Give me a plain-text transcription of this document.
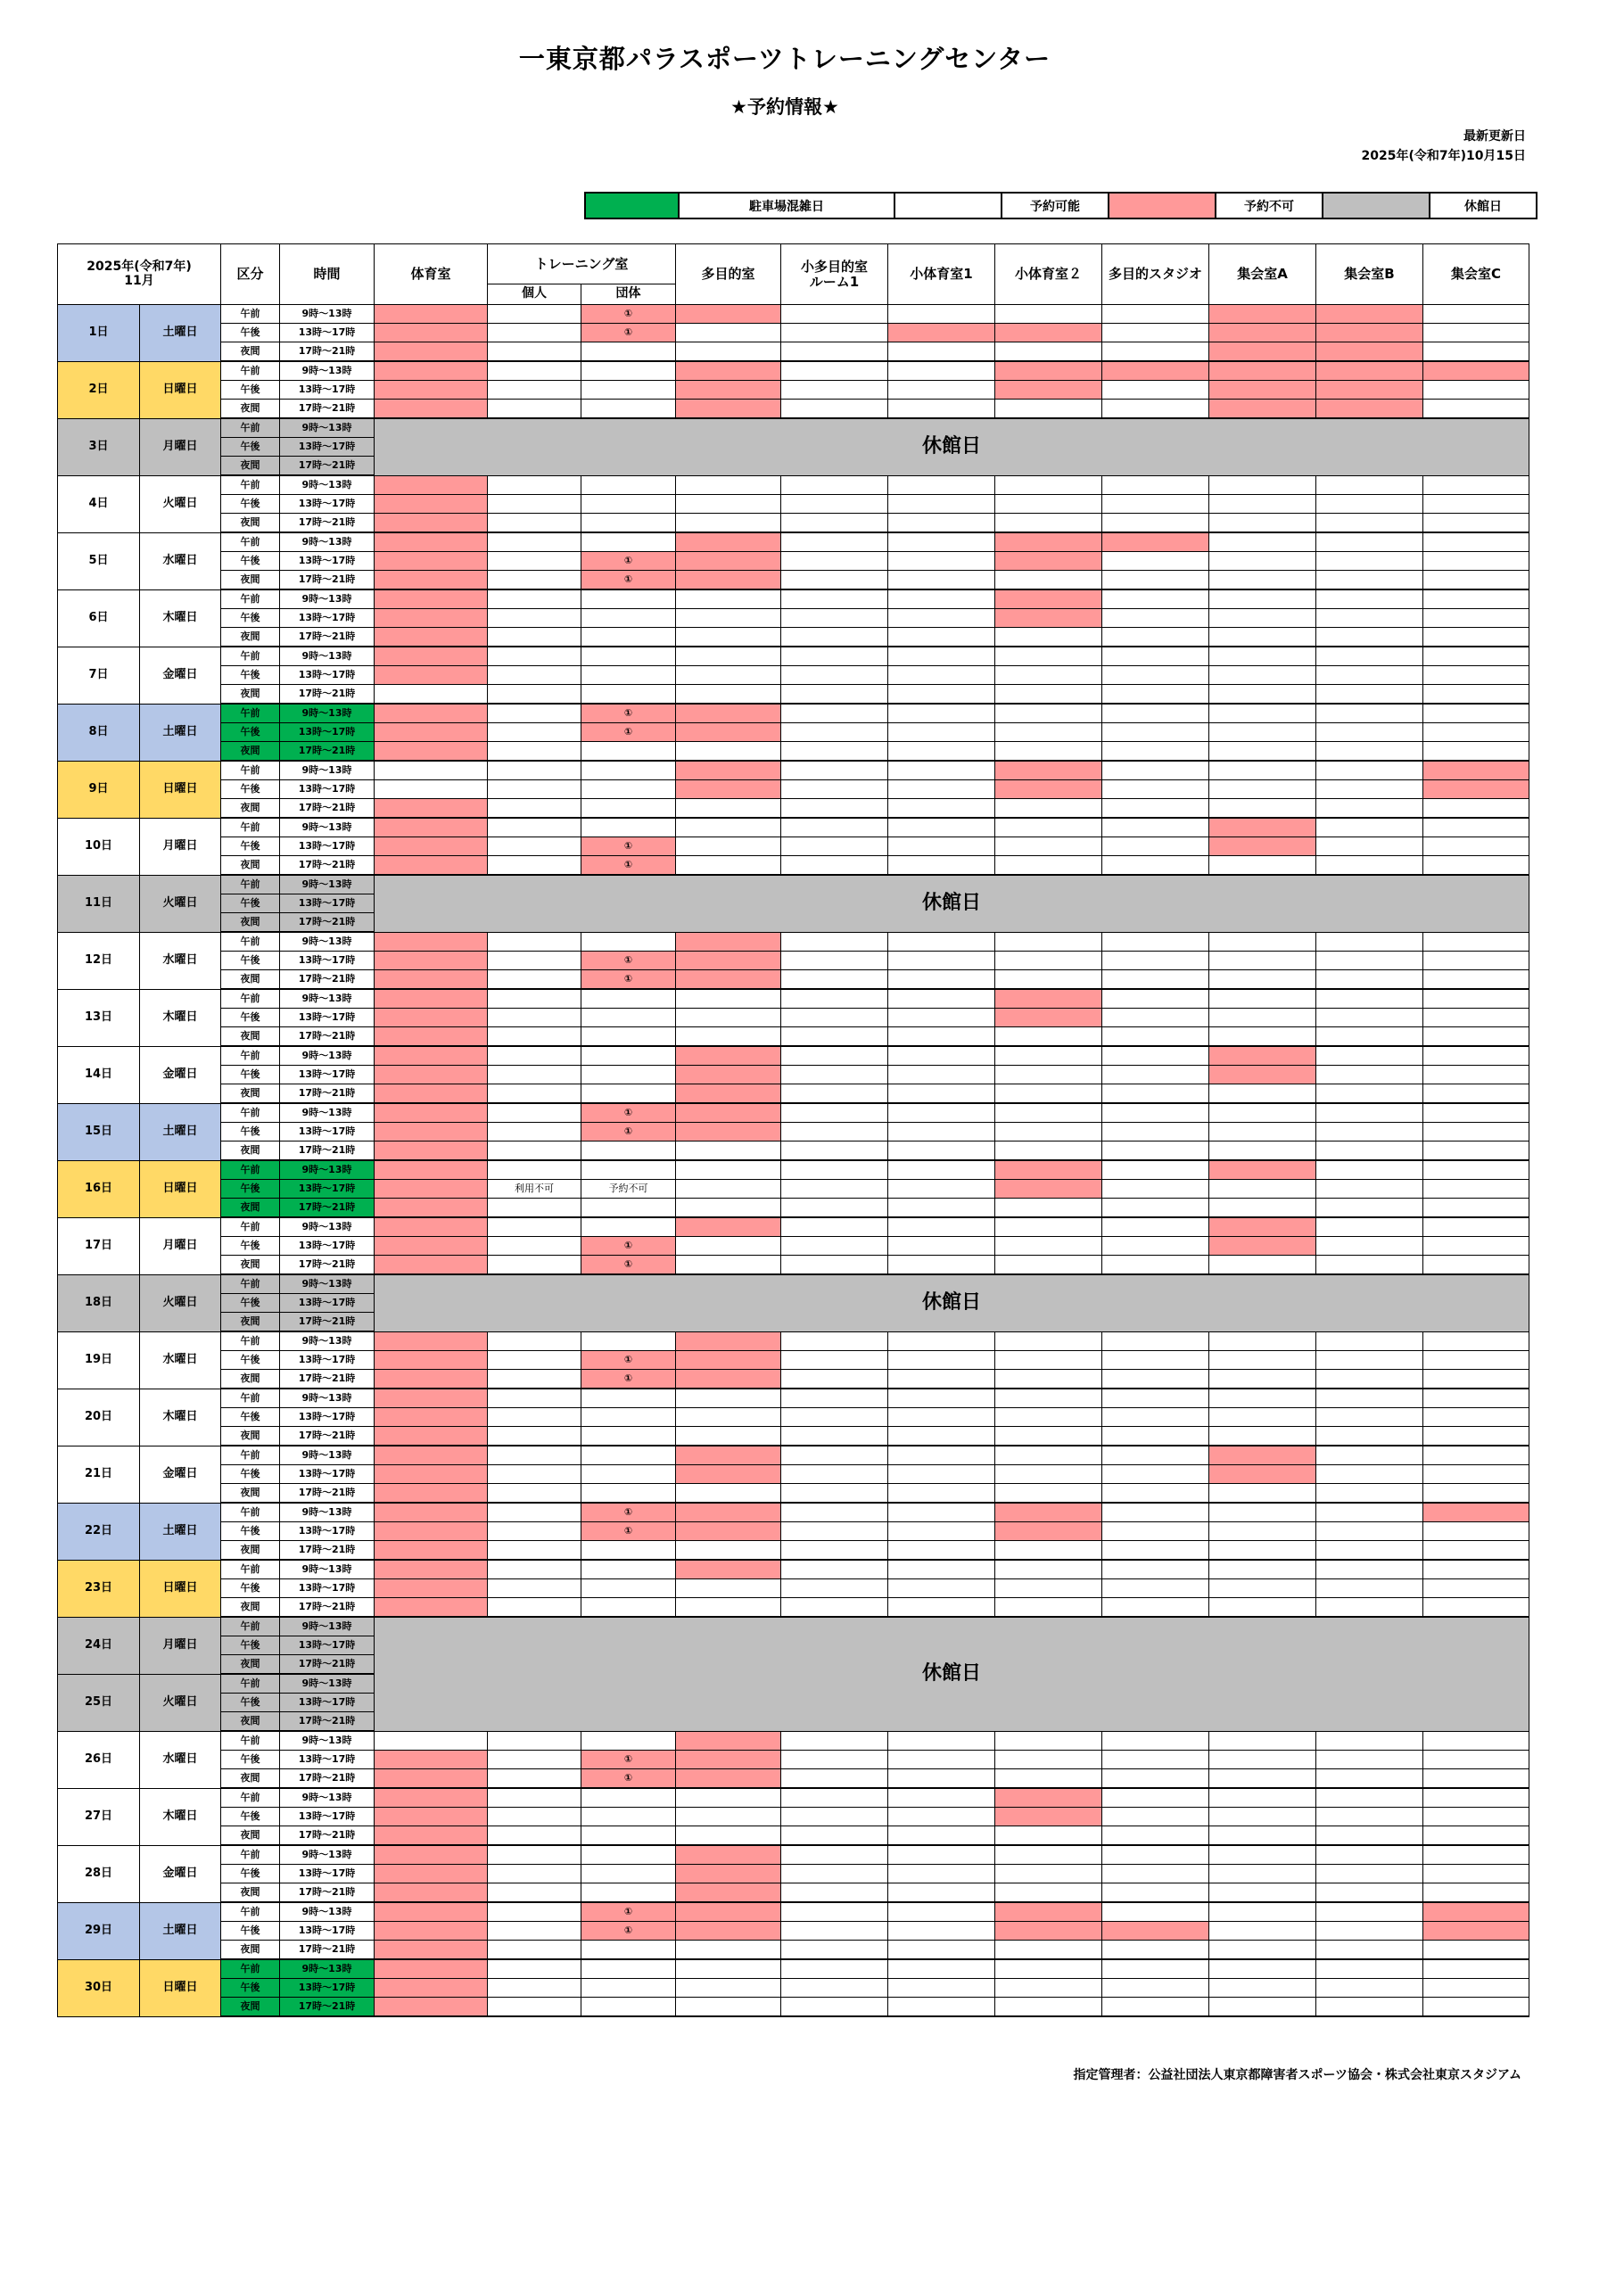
一東京都パラスポーツトレーニングセンター
★予約情報★
最新更新日
2025年(令和7年)10月15日
	駐車場混雑日		予約可能		予約不可		休館日
2025年(令和7年)
11月		区分	時間	体育室	トレーニング室		多目的室	小多目的室
ルーム1	小体育室1	小体育室２	多目的スタジオ	集会室A	集会室B	集会室C
					個人	団体								
1日	土曜日	午前	9時～13時			①								
		午後	13時～17時			①								
		夜間	17時～21時											
2日	日曜日	午前	9時～13時											
		午後	13時～17時											
		夜間	17時～21時											
3日	月曜日	午前	9時～13時	休館日										
		午後	13時～17時											
		夜間	17時～21時											
4日	火曜日	午前	9時～13時											
		午後	13時～17時											
		夜間	17時～21時											
5日	水曜日	午前	9時～13時											
		午後	13時～17時			①								
		夜間	17時～21時			①								
6日	木曜日	午前	9時～13時											
		午後	13時～17時											
		夜間	17時～21時											
7日	金曜日	午前	9時～13時											
		午後	13時～17時											
		夜間	17時～21時											
8日	土曜日	午前	9時～13時			①								
		午後	13時～17時			①								
		夜間	17時～21時											
9日	日曜日	午前	9時～13時											
		午後	13時～17時											
		夜間	17時～21時											
10日	月曜日	午前	9時～13時											
		午後	13時～17時			①								
		夜間	17時～21時			①								
11日	火曜日	午前	9時～13時	休館日										
		午後	13時～17時											
		夜間	17時～21時											
12日	水曜日	午前	9時～13時											
		午後	13時～17時			①								
		夜間	17時～21時			①								
13日	木曜日	午前	9時～13時											
		午後	13時～17時											
		夜間	17時～21時											
14日	金曜日	午前	9時～13時											
		午後	13時～17時											
		夜間	17時～21時											
15日	土曜日	午前	9時～13時			①								
		午後	13時～17時			①								
		夜間	17時～21時											
16日	日曜日	午前	9時～13時											
		午後	13時～17時		利用不可	予約不可								
		夜間	17時～21時											
17日	月曜日	午前	9時～13時											
		午後	13時～17時			①								
		夜間	17時～21時			①								
18日	火曜日	午前	9時～13時	休館日										
		午後	13時～17時											
		夜間	17時～21時											
19日	水曜日	午前	9時～13時											
		午後	13時～17時			①								
		夜間	17時～21時			①								
20日	木曜日	午前	9時～13時											
		午後	13時～17時											
		夜間	17時～21時											
21日	金曜日	午前	9時～13時											
		午後	13時～17時											
		夜間	17時～21時											
22日	土曜日	午前	9時～13時			①								
		午後	13時～17時			①								
		夜間	17時～21時											
23日	日曜日	午前	9時～13時											
		午後	13時～17時											
		夜間	17時～21時											
24日	月曜日	午前	9時～13時	休館日										
		午後	13時～17時											
		夜間	17時～21時											
25日	火曜日	午前	9時～13時											
		午後	13時～17時											
		夜間	17時～21時											
26日	水曜日	午前	9時～13時											
		午後	13時～17時			①								
		夜間	17時～21時			①								
27日	木曜日	午前	9時～13時											
		午後	13時～17時											
		夜間	17時～21時											
28日	金曜日	午前	9時～13時											
		午後	13時～17時											
		夜間	17時～21時											
29日	土曜日	午前	9時～13時			①								
		午後	13時～17時			①								
		夜間	17時～21時											
30日	日曜日	午前	9時～13時											
		午後	13時～17時											
		夜間	17時～21時											
指定管理者：公益社団法人東京都障害者スポーツ協会・株式会社東京スタジアム
